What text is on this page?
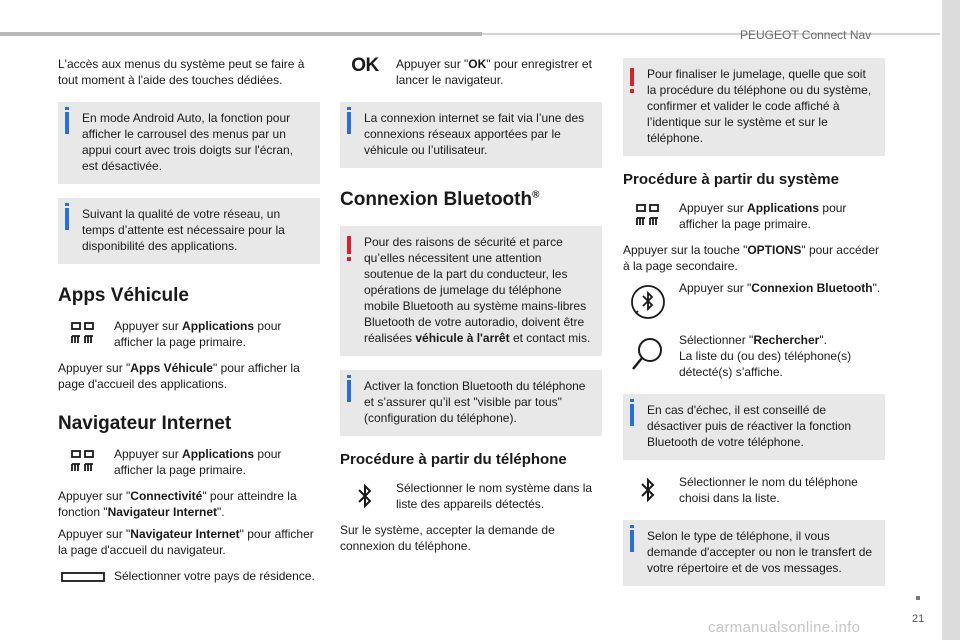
PEUGEOT Connect Nav
21
carmanualsonline.info

L'accès aux menus du système peut se faire à tout moment à l'aide des touches dédiées.

En mode Android Auto, la fonction pour afficher le carrousel des menus par un appui court avec trois doigts sur l'écran, est désactivée.
Suivant la qualité de votre réseau, un temps d’attente est nécessaire pour la disponibilité des applications.
Apps Véhicule
Appuyer sur Applications pour afficher la page primaire.

Appuyer sur "Apps Véhicule" pour afficher la page d'accueil des applications.

Navigateur Internet
Appuyer sur Applications pour afficher la page primaire.

Appuyer sur "Connectivité" pour atteindre la fonction "Navigateur Internet".

Appuyer sur "Navigateur Internet" pour afficher la page d'accueil du navigateur.

Sélectionner votre pays de résidence.
OK	Appuyer sur "OK" pour enregistrer et lancer le navigateur.
La connexion internet se fait via l’une des connexions réseaux apportées par le véhicule ou l’utilisateur.
Connexion Bluetooth®
Pour des raisons de sécurité et parce qu’elles nécessitent une attention soutenue de la part du conducteur, les opérations de jumelage du téléphone mobile Bluetooth au système mains-libres Bluetooth de votre autoradio, doivent être réalisées véhicule à l'arrêt et contact mis.
Activer la fonction Bluetooth du téléphone et s’assurer qu’il est "visible par tous" (configuration du téléphone).
Procédure à partir du téléphone
Sélectionner le nom système dans la liste des appareils détectés.

Sur le système, accepter la demande de connexion du téléphone.

Pour finaliser le jumelage, quelle que soit la procédure du téléphone ou du système, confirmer et valider le code affiché à l’identique sur le système et sur le téléphone.
Procédure à partir du système
Appuyer sur Applications pour afficher la page primaire.

Appuyer sur la touche "OPTIONS" pour accéder à la page secondaire.

Appuyer sur "Connexion Bluetooth".
Sélectionner "Rechercher".
La liste du (ou des) téléphone(s) détecté(s) s’affiche.
En cas d'échec, il est conseillé de désactiver puis de réactiver la fonction Bluetooth de votre téléphone.
Sélectionner le nom du téléphone choisi dans la liste.
Selon le type de téléphone, il vous demande d'accepter ou non le transfert de votre répertoire et de vos messages.
